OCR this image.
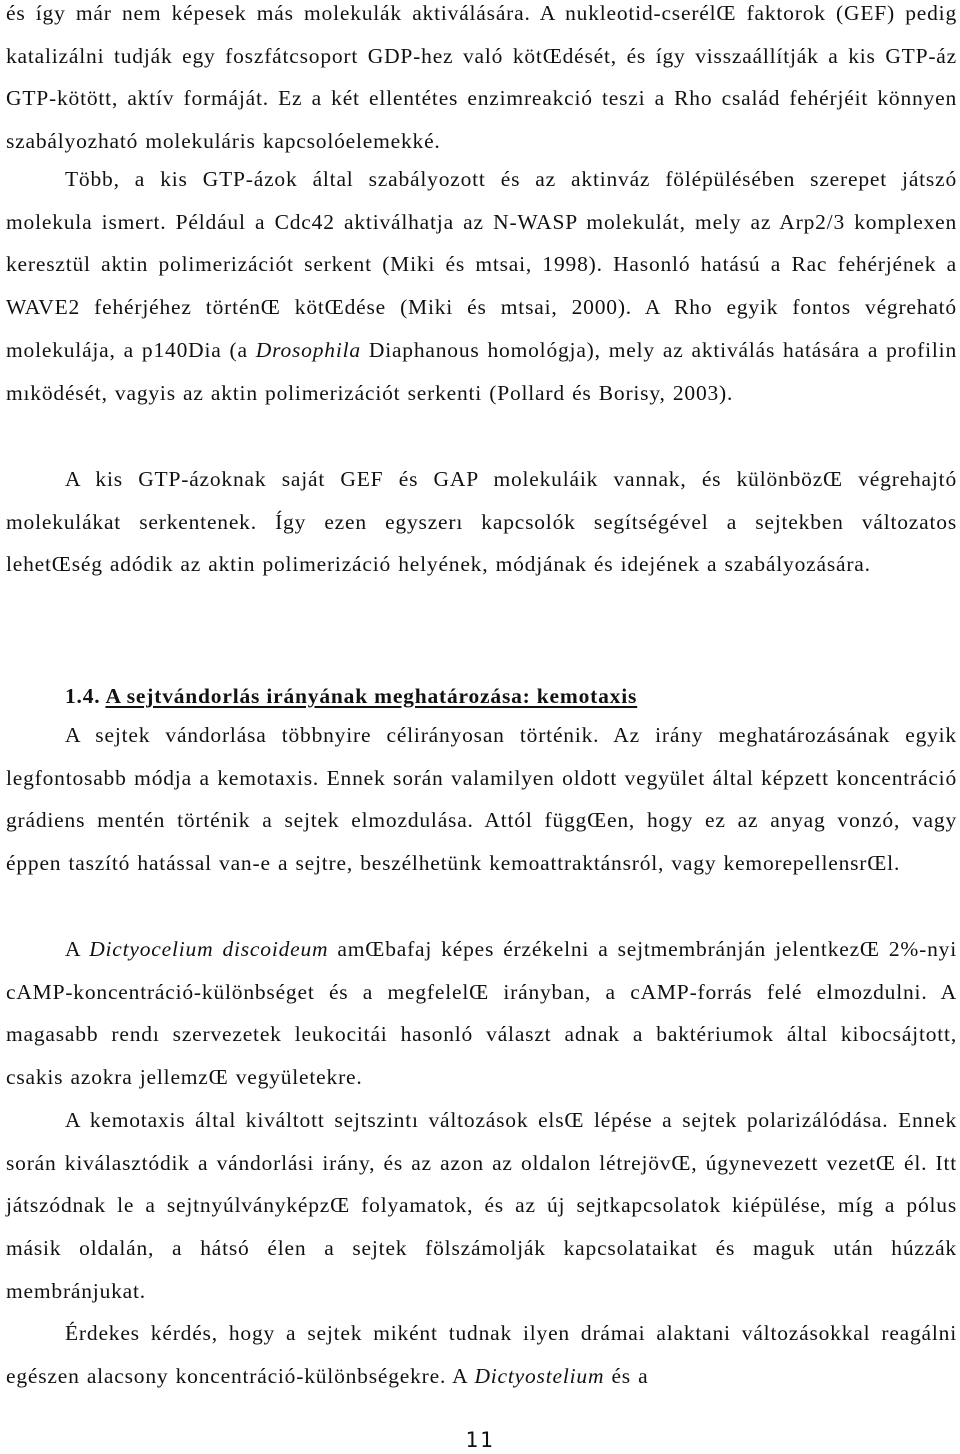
és így már nem képesek más molekulák aktiválására. A nukleotid-cserélŒ faktorok (GEF) pedig katalizálni tudják egy foszfátcsoport GDP-hez való kötŒdését, és így visszaállítják a kis GTP-áz GTP-kötött, aktív formáját. Ez a két ellentétes enzimreakció teszi a Rho család fehérjéit könnyen szabályozható molekuláris kapcsolóelemekké.

Több, a kis GTP-ázok által szabályozott és az aktinváz fölépülésében szerepet játszó molekula ismert. Például a Cdc42 aktiválhatja az N-WASP molekulát, mely az Arp2/3 komplexen keresztül aktin polimerizációt serkent (Miki és mtsai, 1998). Hasonló hatású a Rac fehérjének a WAVE2 fehérjéhez történŒ kötŒdése (Miki és mtsai, 2000). A Rho egyik fontos végreható molekulája, a p140Dia (a Drosophila Diaphanous homológja), mely az aktiválás hatására a profilin mıködését, vagyis az aktin polimerizációt serkenti (Pollard és Borisy, 2003).

A kis GTP-ázoknak saját GEF és GAP molekuláik vannak, és különbözŒ végrehajtó molekulákat serkentenek. Így ezen egyszerı kapcsolók segítségével a sejtekben változatos lehetŒség adódik az aktin polimerizáció helyének, módjának és idejének a szabályozására.

1.4. A sejtvándorlás irányának meghatározása: kemotaxis

A sejtek vándorlása többnyire célirányosan történik. Az irány meghatározásának egyik legfontosabb módja a kemotaxis. Ennek során valamilyen oldott vegyület által képzett koncentráció grádiens mentén történik a sejtek elmozdulása. Attól függŒen, hogy ez az anyag vonzó, vagy éppen taszító hatással van-e a sejtre, beszélhetünk kemoattraktánsról, vagy kemorepellensrŒl.

A Dictyocelium discoideum amŒbafaj képes érzékelni a sejtmembránján jelentkezŒ 2%-nyi cAMP-koncentráció-különbséget és a megfelelŒ irányban, a cAMP-forrás felé elmozdulni. A magasabb rendı szervezetek leukocitái hasonló választ adnak a baktériumok által kibocsájtott, csakis azokra jellemzŒ vegyületekre.

A kemotaxis által kiváltott sejtszintı változások elsŒ lépése a sejtek polarizálódása. Ennek során kiválasztódik a vándorlási irány, és az azon az oldalon létrejövŒ, úgynevezett vezetŒ él. Itt játszódnak le a sejtnyúlványképzŒ folyamatok, és az új sejtkapcsolatok kiépülése, míg a pólus másik oldalán, a hátsó élen a sejtek fölszámolják kapcsolataikat és maguk után húzzák membránjukat.

Érdekes kérdés, hogy a sejtek miként tudnak ilyen drámai alaktani változásokkal reagálni egészen alacsony koncentráció-különbségekre. A Dictyostelium és a

11
